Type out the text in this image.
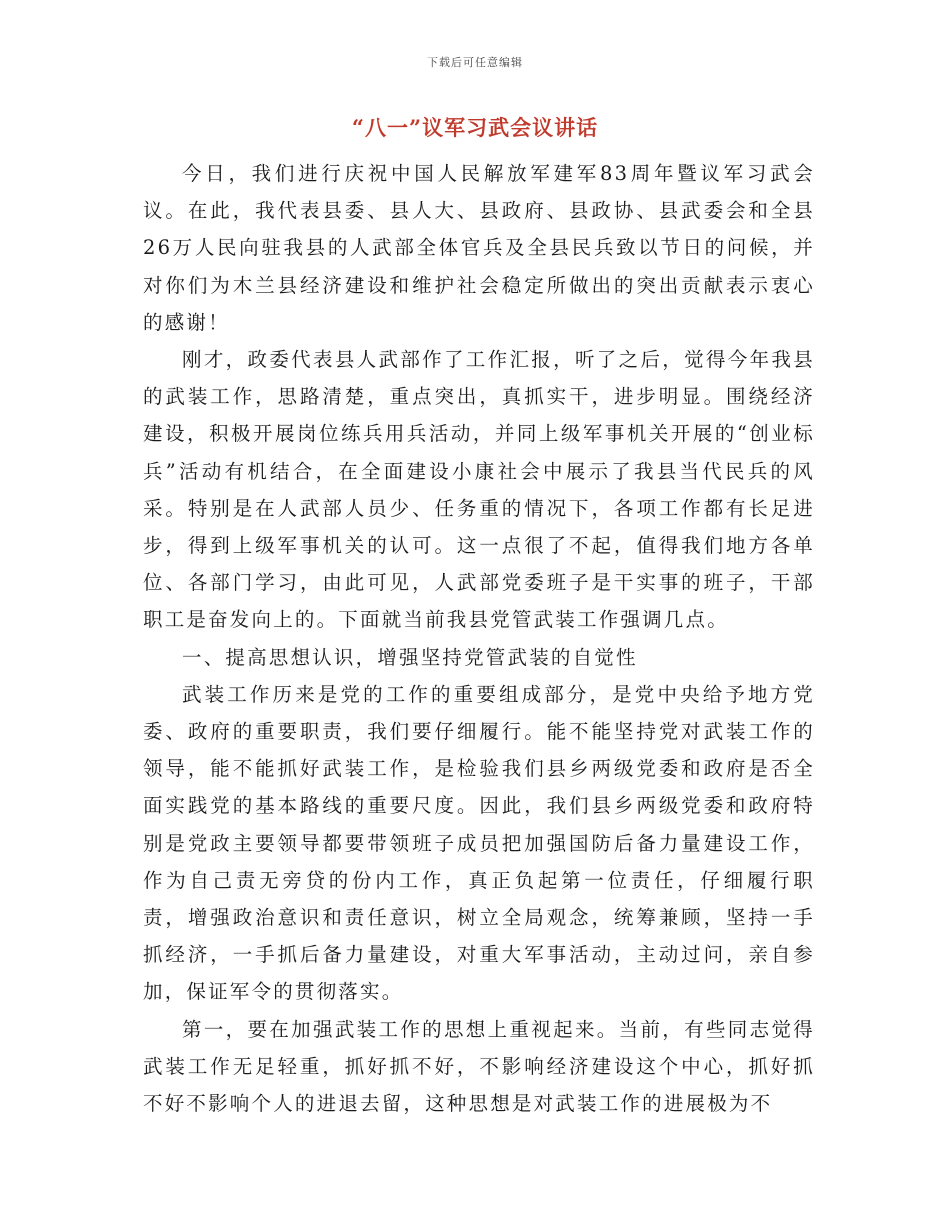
下载后可任意编辑
“八一”议军习武会议讲话

今日，我们进行庆祝中国人民解放军建军83周年暨议军习武会议。在此，我代表县委、县人大、县政府、县政协、县武委会和全县26万人民向驻我县的人武部全体官兵及全县民兵致以节日的问候，并对你们为木兰县经济建设和维护社会稳定所做出的突出贡献表示衷心的感谢！

刚才，政委代表县人武部作了工作汇报，听了之后，觉得今年我县的武装工作，思路清楚，重点突出，真抓实干，进步明显。围绕经济建设，积极开展岗位练兵用兵活动，并同上级军事机关开展的“创业标兵”活动有机结合，在全面建设小康社会中展示了我县当代民兵的风采。特别是在人武部人员少、任务重的情况下，各项工作都有长足进步，得到上级军事机关的认可。这一点很了不起，值得我们地方各单位、各部门学习，由此可见，人武部党委班子是干实事的班子，干部职工是奋发向上的。下面就当前我县党管武装工作强调几点。

一、提高思想认识，增强坚持党管武装的自觉性

武装工作历来是党的工作的重要组成部分，是党中央给予地方党委、政府的重要职责，我们要仔细履行。能不能坚持党对武装工作的领导，能不能抓好武装工作，是检验我们县乡两级党委和政府是否全面实践党的基本路线的重要尺度。因此，我们县乡两级党委和政府特别是党政主要领导都要带领班子成员把加强国防后备力量建设工作，作为自己责无旁贷的份内工作，真正负起第一位责任，仔细履行职责，增强政治意识和责任意识，树立全局观念，统筹兼顾，坚持一手抓经济，一手抓后备力量建设，对重大军事活动，主动过问，亲自参加，保证军令的贯彻落实。

第一，要在加强武装工作的思想上重视起来。当前，有些同志觉得武装工作无足轻重，抓好抓不好，不影响经济建设这个中心，抓好抓不好不影响个人的进退去留，这种思想是对武装工作的进展极为不
